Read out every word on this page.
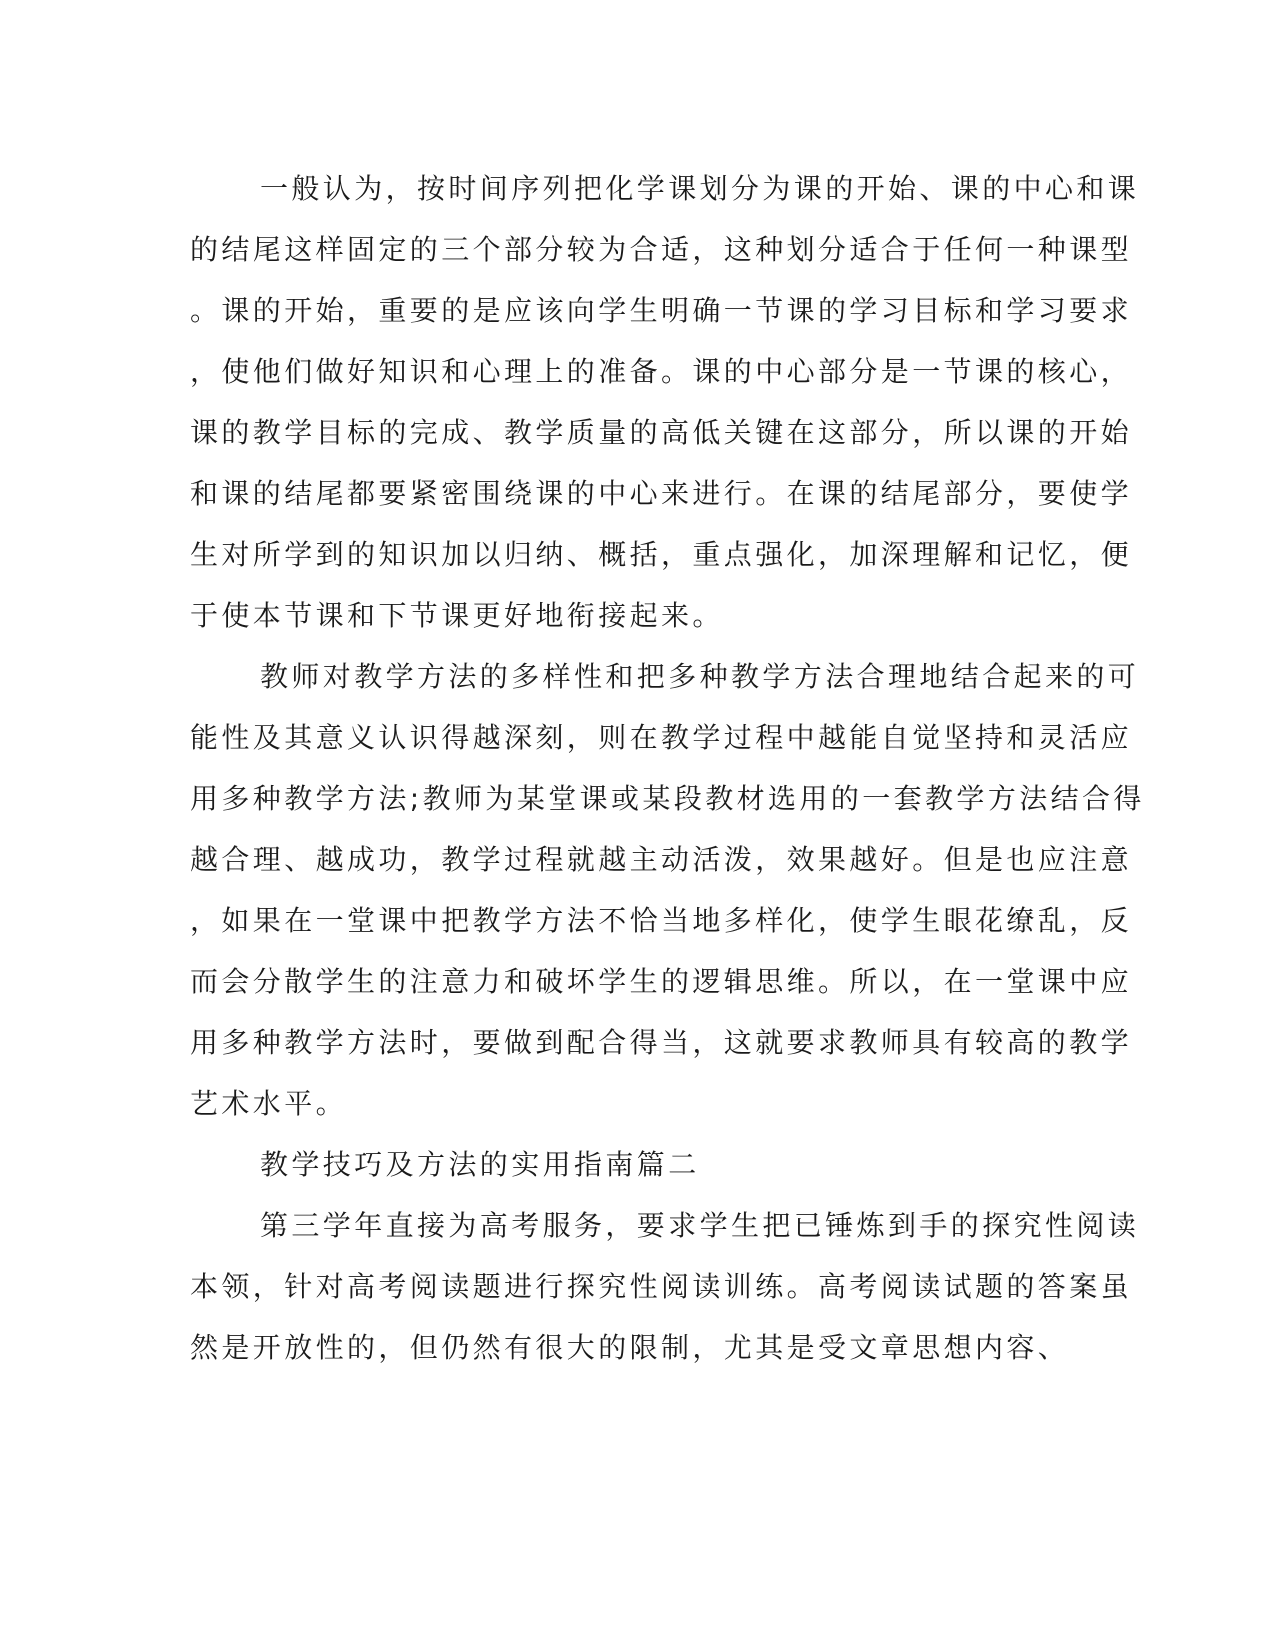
一般认为，按时间序列把化学课划分为课的开始、课的中心和课
的结尾这样固定的三个部分较为合适，这种划分适合于任何一种课型
。课的开始，重要的是应该向学生明确一节课的学习目标和学习要求
，使他们做好知识和心理上的准备。课的中心部分是一节课的核心，
课的教学目标的完成、教学质量的高低关键在这部分，所以课的开始
和课的结尾都要紧密围绕课的中心来进行。在课的结尾部分，要使学
生对所学到的知识加以归纳、概括，重点强化，加深理解和记忆，便
于使本节课和下节课更好地衔接起来。
教师对教学方法的多样性和把多种教学方法合理地结合起来的可
能性及其意义认识得越深刻，则在教学过程中越能自觉坚持和灵活应
用多种教学方法;教师为某堂课或某段教材选用的一套教学方法结合得
越合理、越成功，教学过程就越主动活泼，效果越好。但是也应注意
，如果在一堂课中把教学方法不恰当地多样化，使学生眼花缭乱，反
而会分散学生的注意力和破坏学生的逻辑思维。所以，在一堂课中应
用多种教学方法时，要做到配合得当，这就要求教师具有较高的教学
艺术水平。
教学技巧及方法的实用指南篇二
第三学年直接为高考服务，要求学生把已锤炼到手的探究性阅读
本领，针对高考阅读题进行探究性阅读训练。高考阅读试题的答案虽
然是开放性的，但仍然有很大的限制，尤其是受文章思想内容、
